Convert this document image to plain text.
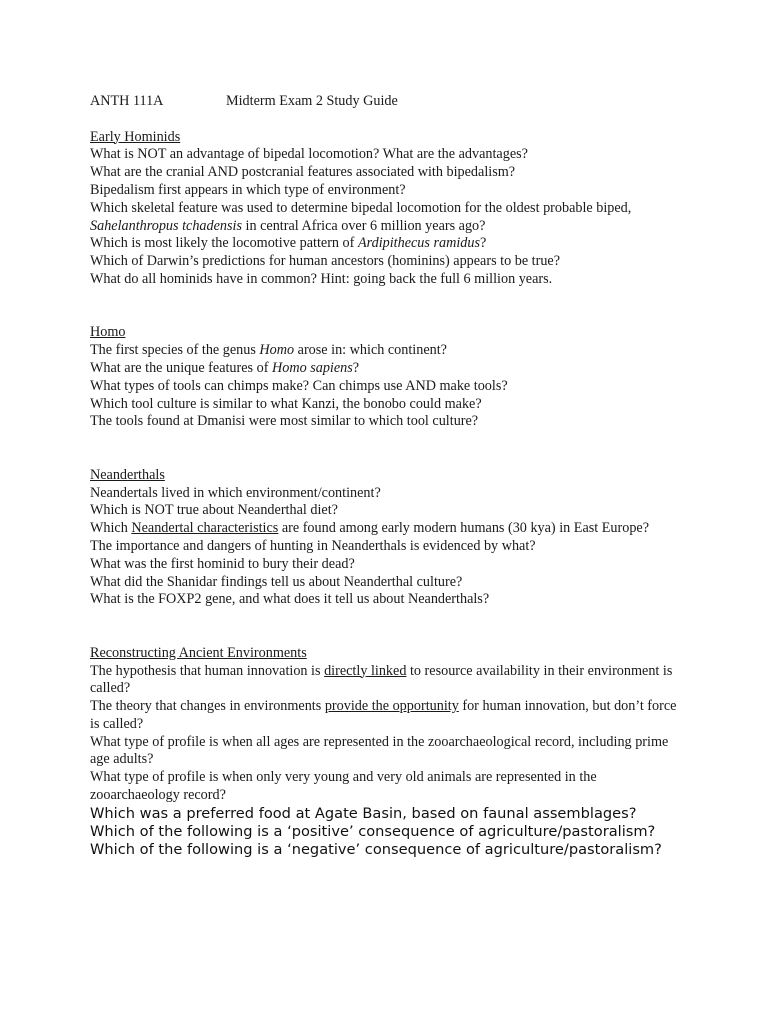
ANTH 111A	Midterm Exam 2 Study Guide
Early Hominids
What is NOT an advantage of bipedal locomotion? What are the advantages?
What are the cranial AND postcranial features associated with bipedalism?
Bipedalism first appears in which type of environment?
Which skeletal feature was used to determine bipedal locomotion for the oldest probable biped,
Sahelanthropus tchadensis in central Africa over 6 million years ago?
Which is most likely the locomotive pattern of Ardipithecus ramidus?
Which of Darwin’s predictions for human ancestors (hominins) appears to be true?
What do all hominids have in common? Hint: going back the full 6 million years.
Homo
The first species of the genus Homo arose in: which continent?
What are the unique features of Homo sapiens?
What types of tools can chimps make? Can chimps use AND make tools?
Which tool culture is similar to what Kanzi, the bonobo could make?
The tools found at Dmanisi were most similar to which tool culture?
Neanderthals
Neandertals lived in which environment/continent?
Which is NOT true about Neanderthal diet?
Which Neandertal characteristics are found among early modern humans (30 kya) in East Europe?
The importance and dangers of hunting in Neanderthals is evidenced by what?
What was the first hominid to bury their dead?
What did the Shanidar findings tell us about Neanderthal culture?
What is the FOXP2 gene, and what does it tell us about Neanderthals?
Reconstructing Ancient Environments
The hypothesis that human innovation is directly linked to resource availability in their environment is called?
The theory that changes in environments provide the opportunity for human innovation, but don’t force is called?
What type of profile is when all ages are represented in the zooarchaeological record, including prime age adults?
What type of profile is when only very young and very old animals are represented in the zooarchaeology record?
Which was a preferred food at Agate Basin, based on faunal assemblages?
Which of the following is a ‘positive’ consequence of agriculture/pastoralism?
Which of the following is a ‘negative’ consequence of agriculture/pastoralism?
